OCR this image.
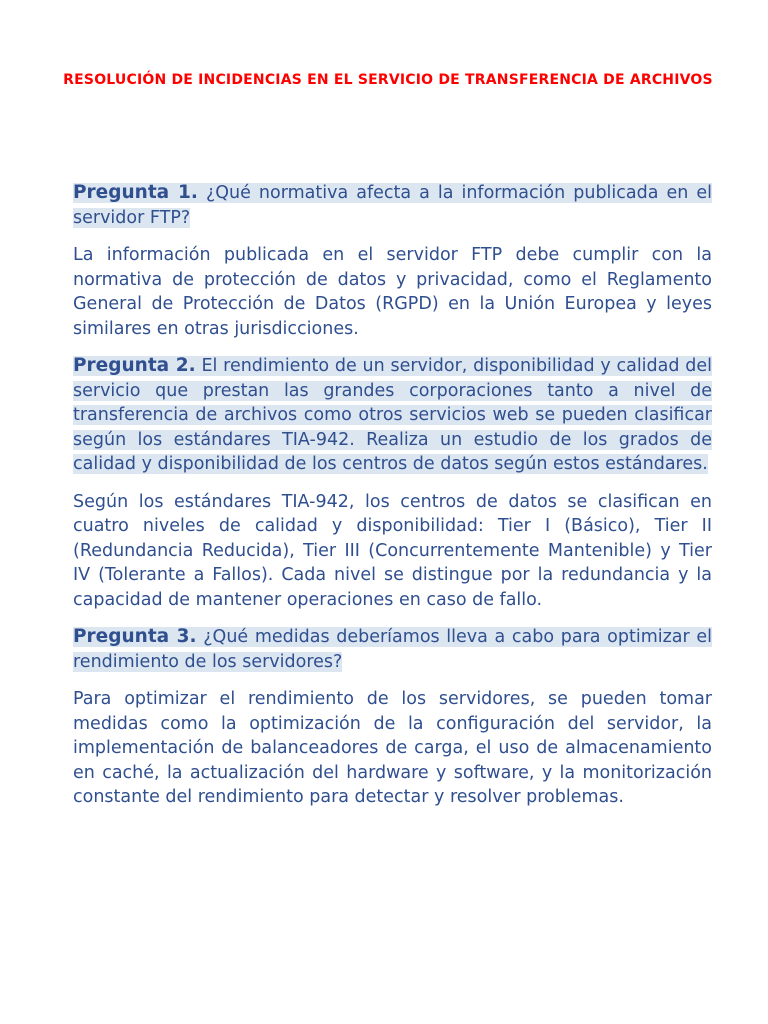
RESOLUCIÓN DE INCIDENCIAS EN EL SERVICIO DE TRANSFERENCIA DE ARCHIVOS

Pregunta 1. ¿Qué normativa afecta a la información publicada en el servidor FTP?

La información publicada en el servidor FTP debe cumplir con la normativa de protección de datos y privacidad, como el Reglamento General de Protección de Datos (RGPD) en la Unión Europea y leyes similares en otras jurisdicciones.

Pregunta 2. El rendimiento de un servidor, disponibilidad y calidad del servicio que prestan las grandes corporaciones tanto a nivel de transferencia de archivos como otros servicios web se pueden clasificar según los estándares TIA-942. Realiza un estudio de los grados de calidad y disponibilidad de los centros de datos según estos estándares.

Según los estándares TIA-942, los centros de datos se clasifican en cuatro niveles de calidad y disponibilidad: Tier I (Básico), Tier II (Redundancia Reducida), Tier III (Concurrentemente Mantenible) y Tier IV (Tolerante a Fallos). Cada nivel se distingue por la redundancia y la capacidad de mantener operaciones en caso de fallo.

Pregunta 3. ¿Qué medidas deberíamos lleva a cabo para optimizar el rendimiento de los servidores?

Para optimizar el rendimiento de los servidores, se pueden tomar medidas como la optimización de la configuración del servidor, la implementación de balanceadores de carga, el uso de almacenamiento en caché, la actualización del hardware y software, y la monitorización constante del rendimiento para detectar y resolver problemas.
